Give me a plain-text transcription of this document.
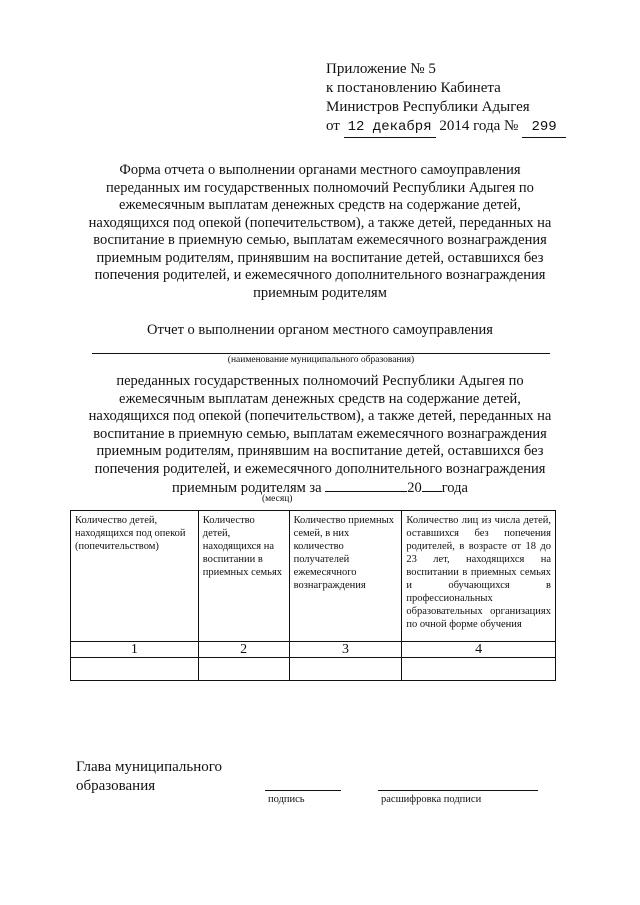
Приложение № 5
к постановлению Кабинета
Министров Республики Адыгея
от 12 декабря 2014 года № 299
Форма отчета о выполнении органами местного самоуправления
переданных им государственных полномочий Республики Адыгея по
ежемесячным выплатам денежных средств на содержание детей,
находящихся под опекой (попечительством), а также детей, переданных на
воспитание в приемную семью, выплатам ежемесячного вознаграждения
приемным родителям, принявшим на воспитание детей, оставшихся без
попечения родителей, и ежемесячного дополнительного вознаграждения
приемным родителям
Отчет о выполнении органом местного самоуправления
(наименование муниципального образования)
переданных государственных полномочий Республики Адыгея по
ежемесячным выплатам денежных средств на содержание детей,
находящихся под опекой (попечительством), а также детей, переданных на
воспитание в приемную семью, выплатам ежемесячного вознаграждения
приемным родителям, принявшим на воспитание детей, оставшихся без
попечения родителей, и ежемесячного дополнительного вознаграждения
приемным родителям за	20 года
(месяц)
Количество детей, находящихся под опекой (попечительством)	Количество детей, находящихся на воспитании в приемных семьях	Количество приемных семей, в них количество получателей ежемесячного вознаграждения	Количество лиц из числа детей, оставшихся без попечения родителей, в возрасте от 18 до 23 лет, находящихся на воспитании в приемных семьях и обучающихся в профессиональных образовательных организациях по очной форме обучения
1	2	3	4

Глава муниципального
образования
подпись	расшифровка подписи
